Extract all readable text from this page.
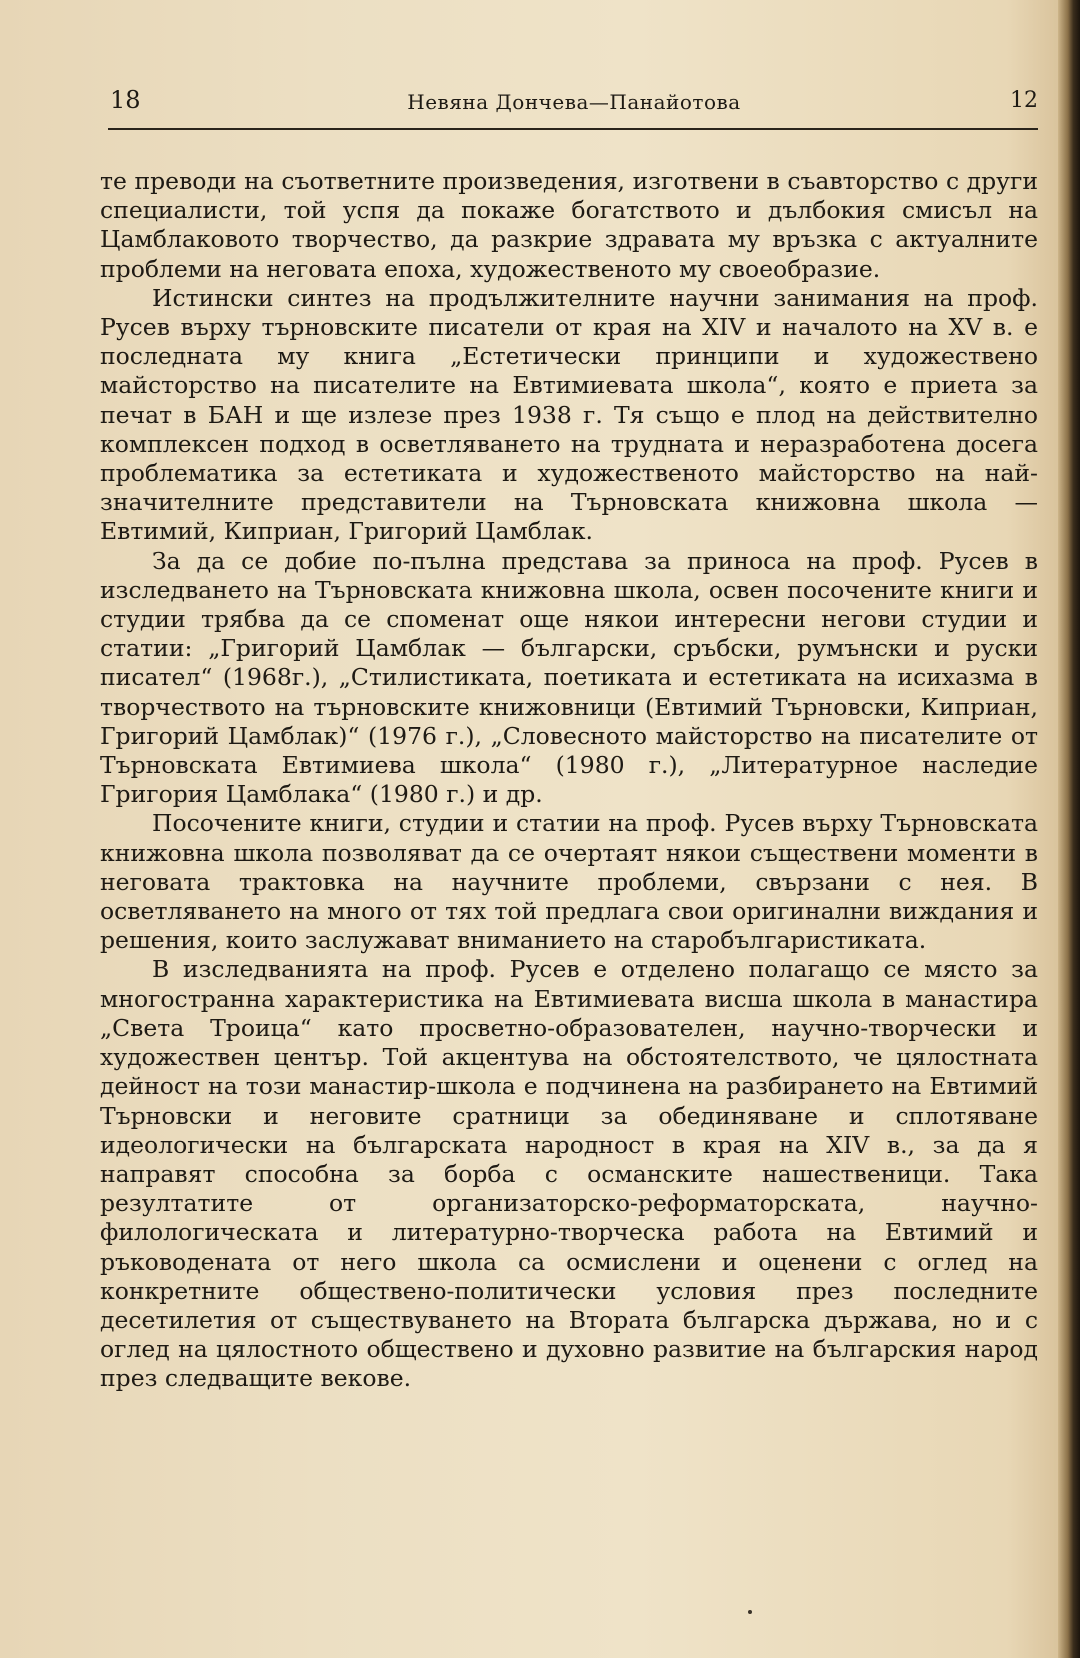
18	Невяна Дончева—Панайотова	12

те преводи на съответните произведения, изготвени в съавторство с други специалисти, той успя да покаже богатството и дълбокия смисъл на Цамблаковото творчество, да разкрие здравата му връзка с актуалните проблеми на неговата епоха, художественото му своеобразие.

Истински синтез на продължителните научни занимания на проф. Русев върху търновските писатели от края на XIV и началото на XV в. е последната му книга „Естетически принципи и художествено майсторство на писателите на Евтимиевата школа“, която е приета за печат в БАН и ще излезе през 1938 г. Тя също е плод на действително комплексен подход в осветляването на трудната и неразработена досега проблематика за естетиката и художественото майсторство на най-значителните представители на Търновската книжовна школа — Евтимий, Киприан, Григорий Цамблак.

За да се добие по-пълна представа за приноса на проф. Русев в изследването на Търновската книжовна школа, освен посочените книги и студии трябва да се споменат още някои интересни негови студии и статии: „Григорий Цамблак — български, сръбски, румънски и руски писател“ (1968г.), „Стилистиката, поетиката и естетиката на исихазма в творчеството на търновските книжовници (Евтимий Търновски, Киприан, Григорий Цамблак)“ (1976 г.), „Словесното майсторство на писателите от Търновската Евтимиева школа“ (1980 г.), „Литературное наследие Григория Цамблака“ (1980 г.) и др.

Посочените книги, студии и статии на проф. Русев върху Търновската книжовна школа позволяват да се очертаят някои съществени моменти в неговата трактовка на научните проблеми, свързани с нея. В осветляването на много от тях той предлага свои оригинални виждания и решения, които заслужават вниманието на старобългаристиката.

В изследванията на проф. Русев е отделено полагащо се място за многостранна характеристика на Евтимиевата висша школа в манастира „Света Троица“ като просветно-образователен, научно-творчески и художествен център. Той акцентува на обстоятелството, че цялостната дейност на този манастир-школа е подчинена на разбирането на Евтимий Търновски и неговите сратници за обединяване и сплотяване идеологически на българската народност в края на XIV в., за да я направят способна за борба с османските нашественици. Така резултатите от организаторско-реформаторската, научно-филологическата и литературно-творческа работа на Евтимий и ръководената от него школа са осмислени и оценени с оглед на конкретните обществено-политически условия през последните десетилетия от съществуването на Втората българска държава, но и с оглед на цялостното обществено и духовно развитие на българския народ през следващите векове.
